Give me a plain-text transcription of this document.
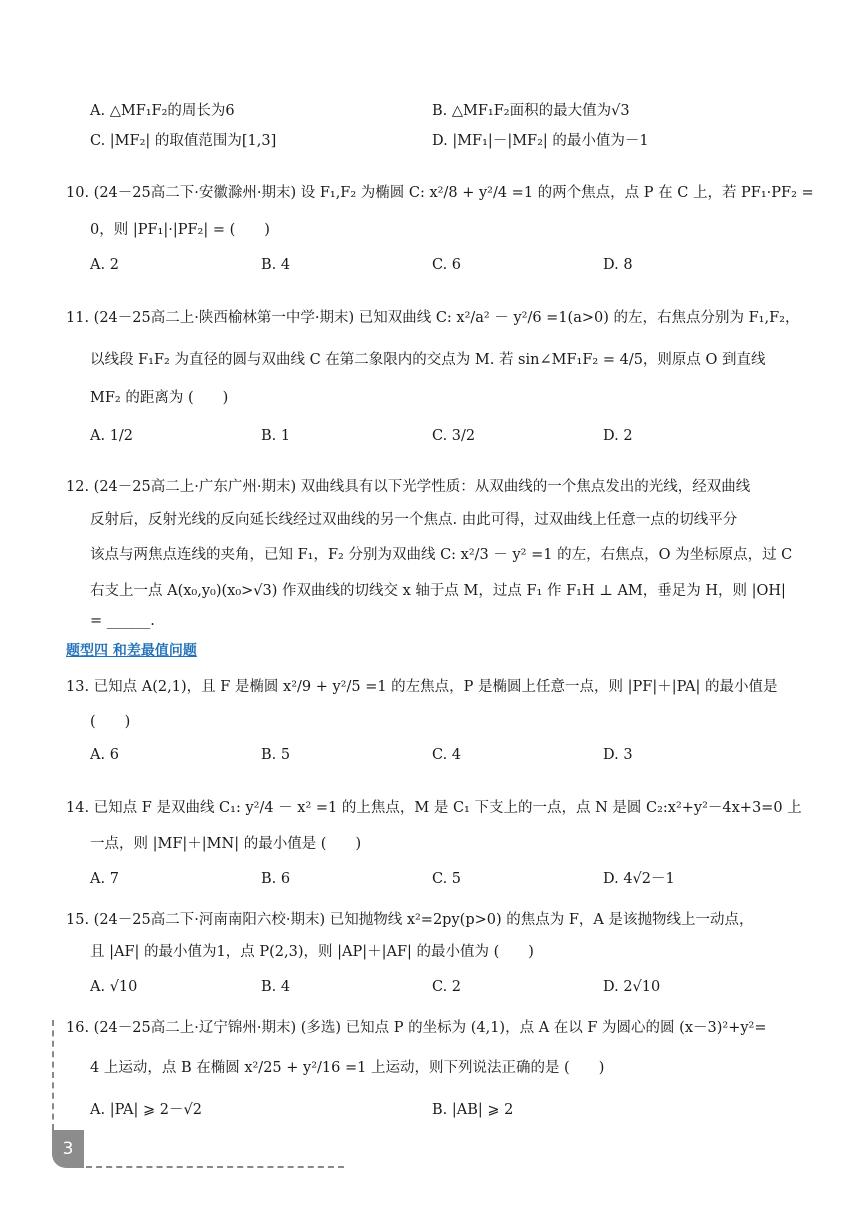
A. △MF₁F₂的周长为6	B. △MF₁F₂面积的最大值为√3
C. |MF₂| 的取值范围为[1,3]	D. |MF₁|－|MF₂| 的最小值为－1
10. (24－25高二下·安徽滁州·期末) 设 F₁,F₂ 为椭圆 C: x²/8 + y²/4 =1 的两个焦点，点 P 在 C 上，若 PF₁·PF₂ =
0，则 |PF₁|·|PF₂| = (　　)
A. 2	B. 4	C. 6	D. 8
11. (24－25高二上·陕西榆林第一中学·期末) 已知双曲线 C: x²/a² － y²/6 =1(a>0) 的左，右焦点分别为 F₁,F₂，
以线段 F₁F₂ 为直径的圆与双曲线 C 在第二象限内的交点为 M. 若 sin∠MF₁F₂ = 4/5，则原点 O 到直线
MF₂ 的距离为 (　　)
A. 1/2	B. 1	C. 3/2	D. 2
12. (24－25高二上·广东广州·期末) 双曲线具有以下光学性质：从双曲线的一个焦点发出的光线，经双曲线
反射后，反射光线的反向延长线经过双曲线的另一个焦点. 由此可得，过双曲线上任意一点的切线平分
该点与两焦点连线的夹角，已知 F₁，F₂ 分别为双曲线 C: x²/3 － y² =1 的左，右焦点，O 为坐标原点，过 C
右支上一点 A(x₀,y₀)(x₀>√3) 作双曲线的切线交 x 轴于点 M，过点 F₁ 作 F₁H ⊥ AM，垂足为 H，则 |OH|
= ______.
题型四 和差最值问题
13. 已知点 A(2,1)，且 F 是椭圆 x²/9 + y²/5 =1 的左焦点，P 是椭圆上任意一点，则 |PF|＋|PA| 的最小值是
(　　)
A. 6	B. 5	C. 4	D. 3
14. 已知点 F 是双曲线 C₁: y²/4 － x² =1 的上焦点，M 是 C₁ 下支上的一点，点 N 是圆 C₂:x²+y²－4x+3=0 上
一点，则 |MF|＋|MN| 的最小值是 (　　)
A. 7	B. 6	C. 5	D. 4√2－1
15. (24－25高二下·河南南阳六校·期末) 已知抛物线 x²=2py(p>0) 的焦点为 F，A 是该抛物线上一动点，
且 |AF| 的最小值为1，点 P(2,3)，则 |AP|＋|AF| 的最小值为 (　　)
A. √10	B. 4	C. 2	D. 2√10
16. (24－25高二上·辽宁锦州·期末) (多选) 已知点 P 的坐标为 (4,1)，点 A 在以 F 为圆心的圆 (x－3)²+y²=
4 上运动，点 B 在椭圆 x²/25 + y²/16 =1 上运动，则下列说法正确的是 (　　)
A. |PA| ⩾ 2－√2	B. |AB| ⩾ 2
3
